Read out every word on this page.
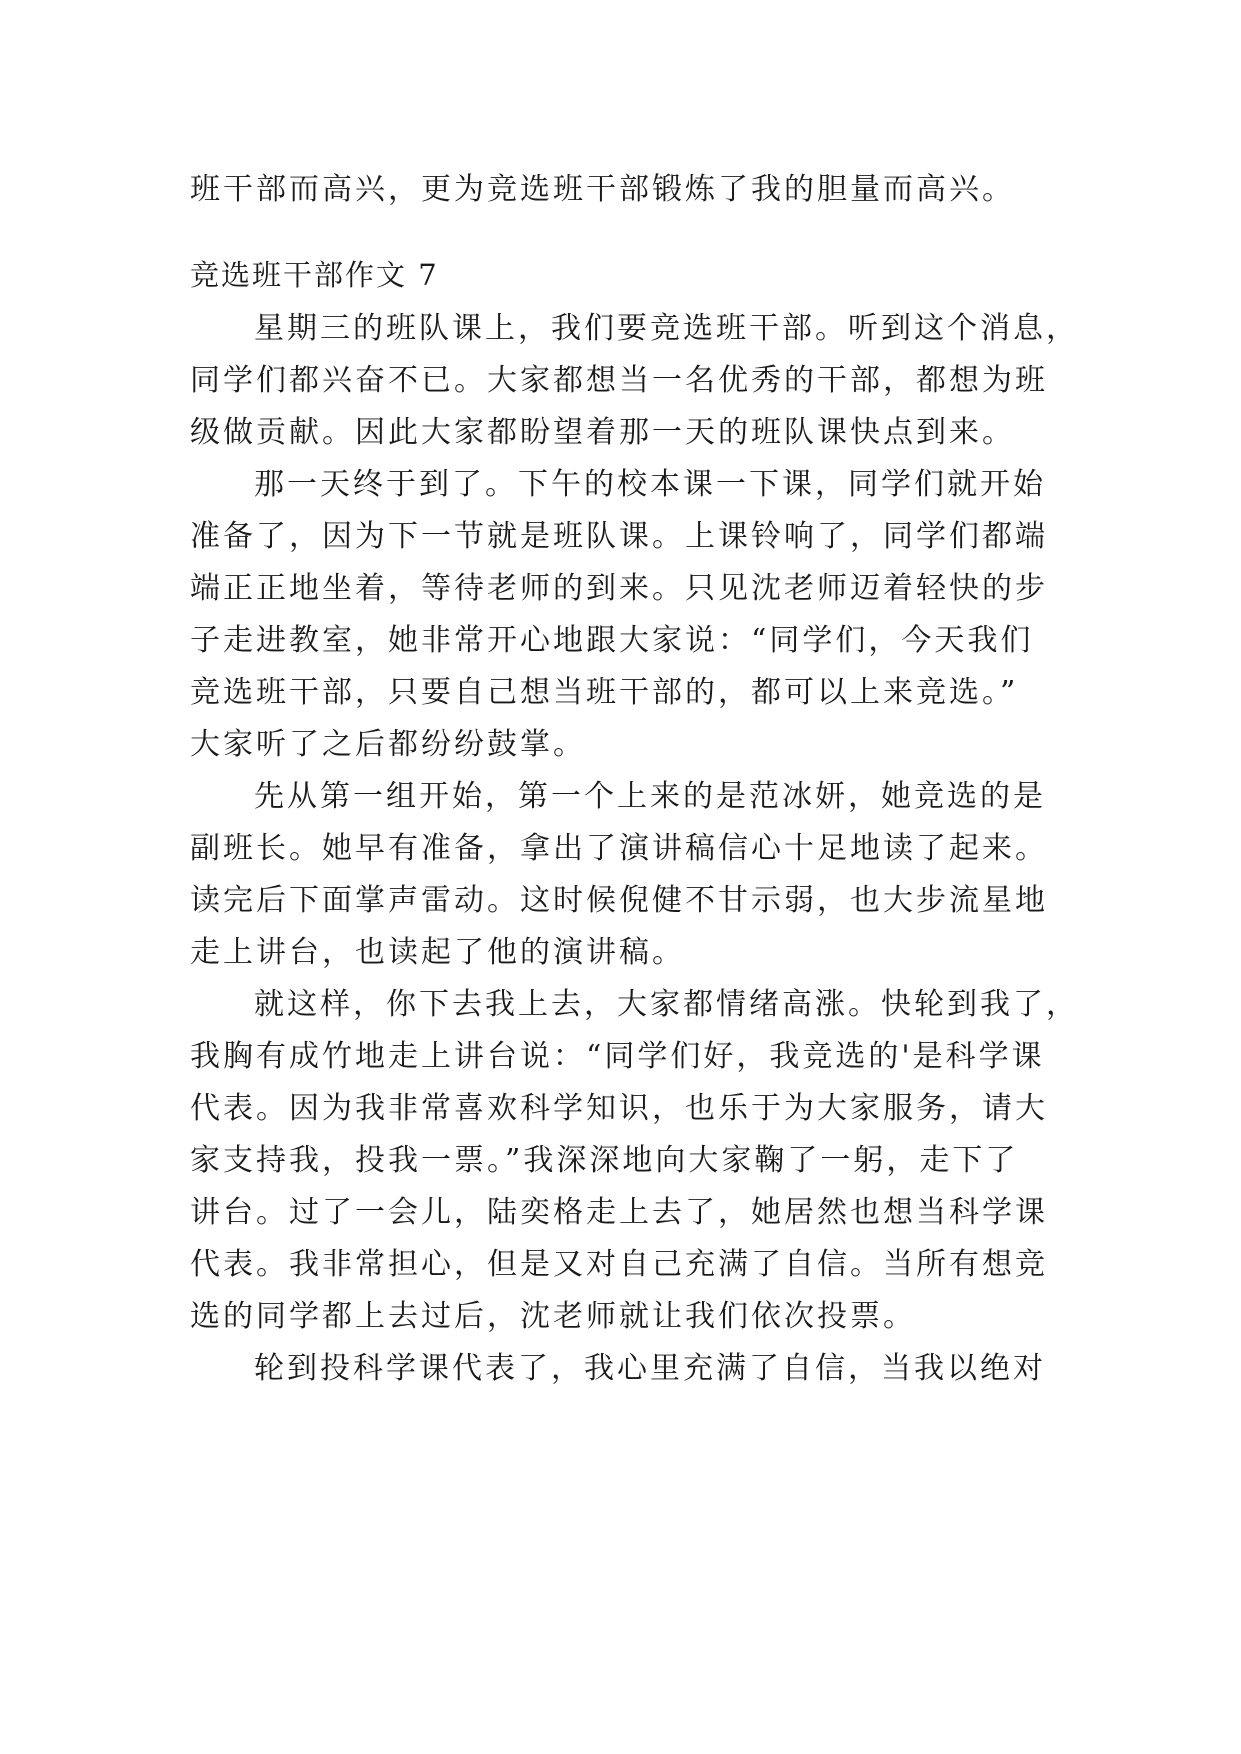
班干部而高兴，更为竞选班干部锻炼了我的胆量而高兴。
竞选班干部作文 7
星期三的班队课上，我们要竞选班干部。听到这个消息，
同学们都兴奋不已。大家都想当一名优秀的干部，都想为班
级做贡献。因此大家都盼望着那一天的班队课快点到来。
那一天终于到了。下午的校本课一下课，同学们就开始
准备了，因为下一节就是班队课。上课铃响了，同学们都端
端正正地坐着，等待老师的到来。只见沈老师迈着轻快的步
子走进教室，她非常开心地跟大家说：“同学们，今天我们
竞选班干部，只要自己想当班干部的，都可以上来竞选。”
大家听了之后都纷纷鼓掌。
先从第一组开始，第一个上来的是范冰妍，她竞选的是
副班长。她早有准备，拿出了演讲稿信心十足地读了起来。
读完后下面掌声雷动。这时候倪健不甘示弱，也大步流星地
走上讲台，也读起了他的演讲稿。
就这样，你下去我上去，大家都情绪高涨。快轮到我了，
我胸有成竹地走上讲台说：“同学们好，我竞选的'是科学课
代表。因为我非常喜欢科学知识，也乐于为大家服务，请大
家支持我，投我一票。”我深深地向大家鞠了一躬，走下了
讲台。过了一会儿，陆奕格走上去了，她居然也想当科学课
代表。我非常担心，但是又对自己充满了自信。当所有想竞
选的同学都上去过后，沈老师就让我们依次投票。
轮到投科学课代表了，我心里充满了自信，当我以绝对
